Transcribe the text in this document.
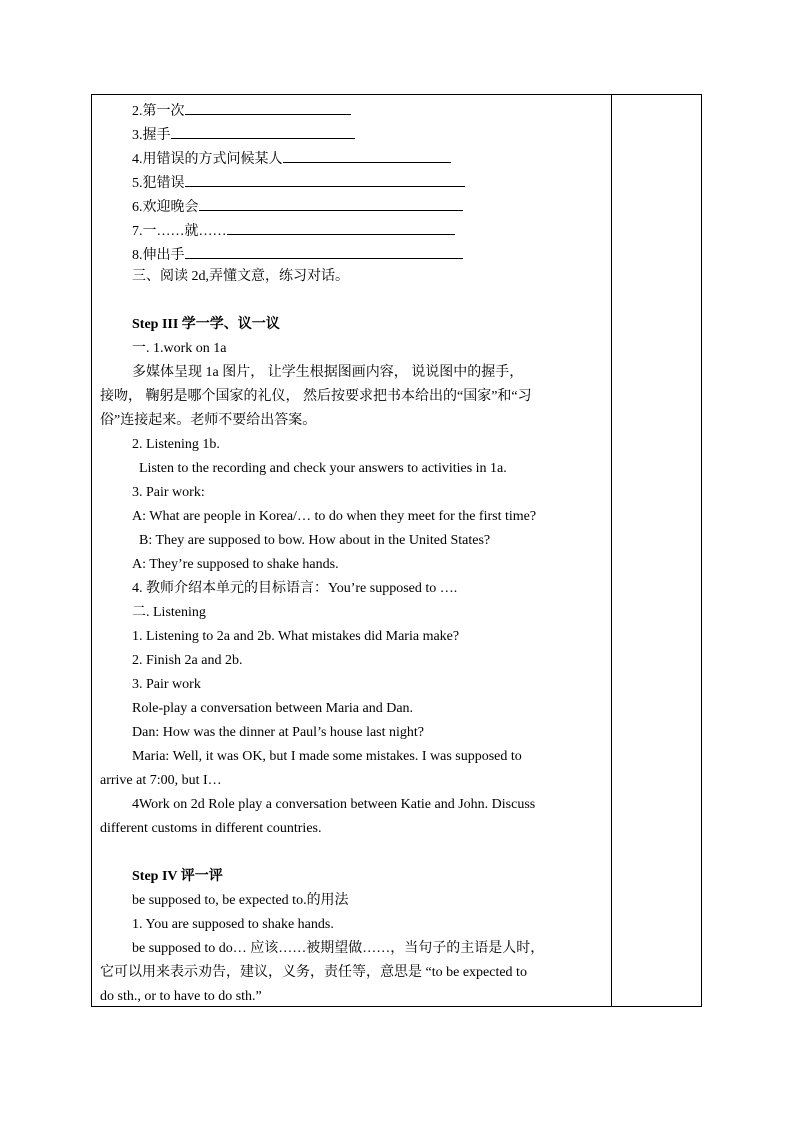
2.第一次
3.握手
4.用错误的方式问候某人
5.犯错误
6.欢迎晚会
7.一……就……
8.伸出手
三、阅读 2d,弄懂文意，练习对话。
Step III 学一学、议一议
一. 1.work on 1a
多媒体呈现 1a 图片， 让学生根据图画内容， 说说图中的握手，
接吻， 鞠躬是哪个国家的礼仪， 然后按要求把书本给出的“国家”和“习
俗”连接起来。老师不要给出答案。
2. Listening 1b.
Listen to the recording and check your answers to activities in 1a.
3. Pair work:
A: What are people in Korea/… to do when they meet for the first time?
B: They are supposed to bow. How about in the United States?
A: They’re supposed to shake hands.
4. 教师介绍本单元的目标语言：You’re supposed to ….
二. Listening
1. Listening to 2a and 2b. What mistakes did Maria make?
2. Finish 2a and 2b.
3. Pair work
Role-play a conversation between Maria and Dan.
Dan: How was the dinner at Paul’s house last night?
Maria: Well, it was OK, but I made some mistakes. I was supposed to
arrive at 7:00, but I…
4Work on 2d Role play a conversation between Katie and John. Discuss
different customs in different countries.
Step IV 评一评
be supposed to, be expected to.的用法
1. You are supposed to shake hands.
be supposed to do… 应该……被期望做……，当句子的主语是人时，
它可以用来表示劝告，建议，义务，责任等，意思是 “to be expected to
do sth., or to have to do sth.”
